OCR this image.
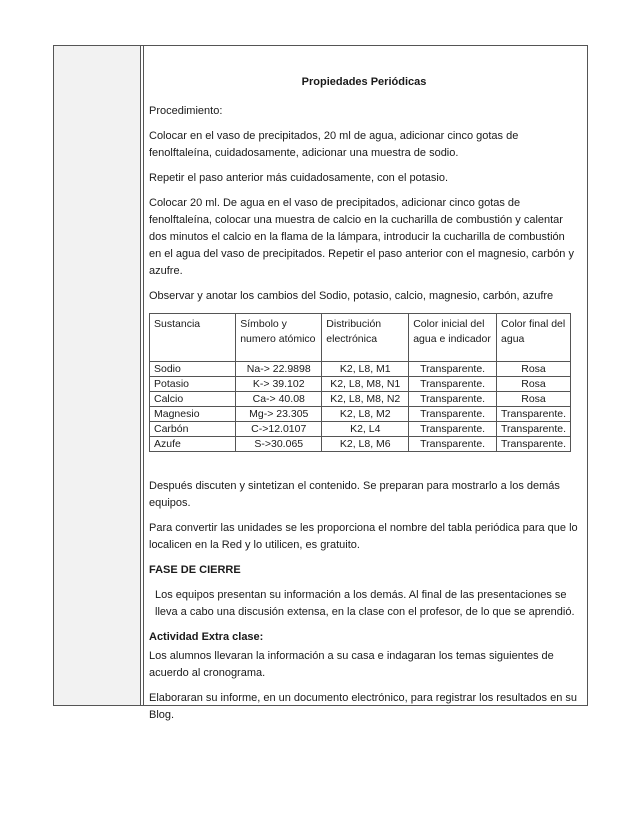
Propiedades Periódicas

Procedimiento:

Colocar en el vaso de precipitados, 20 ml de agua, adicionar cinco gotas de fenolftaleína, cuidadosamente, adicionar una muestra de sodio.

Repetir el paso anterior más cuidadosamente, con el potasio.

Colocar 20 ml. De agua en el vaso de precipitados, adicionar cinco gotas de fenolftaleína, colocar una muestra de calcio en la cucharilla de combustión y calentar dos minutos el calcio en la flama de la lámpara, introducir la cucharilla de combustión en el agua del vaso de precipitados. Repetir el paso anterior con el magnesio, carbón y azufre.

Observar y anotar los cambios del Sodio, potasio, calcio, magnesio, carbón, azufre

Sustancia	Símbolo y numero atómico	Distribución electrónica	Color inicial del agua e indicador	Color final del agua
Sodio	Na-> 22.9898	K2, L8, M1	Transparente.	Rosa
Potasio	K-> 39.102	K2, L8, M8, N1	Transparente.	Rosa
Calcio	Ca-> 40.08	K2, L8, M8, N2	Transparente.	Rosa
Magnesio	Mg-> 23.305	K2, L8, M2	Transparente.	Transparente.
Carbón	C->12.0107	K2, L4	Transparente.	Transparente.
Azufe	S->30.065	K2, L8, M6	Transparente.	Transparente.

Después discuten y sintetizan el contenido. Se preparan para mostrarlo a los demás equipos.

Para convertir las unidades se les proporciona el nombre del tabla periódica para que lo localicen en la Red y lo utilicen, es gratuito.

FASE DE CIERRE

Los equipos presentan su información a los demás. Al final de las presentaciones se lleva a cabo una discusión extensa, en la clase con el profesor, de lo que se aprendió.

Actividad Extra clase:

Los alumnos llevaran la información a su casa e indagaran los temas siguientes de acuerdo al cronograma.

Elaboraran su informe, en un documento electrónico, para registrar los resultados en su Blog.
